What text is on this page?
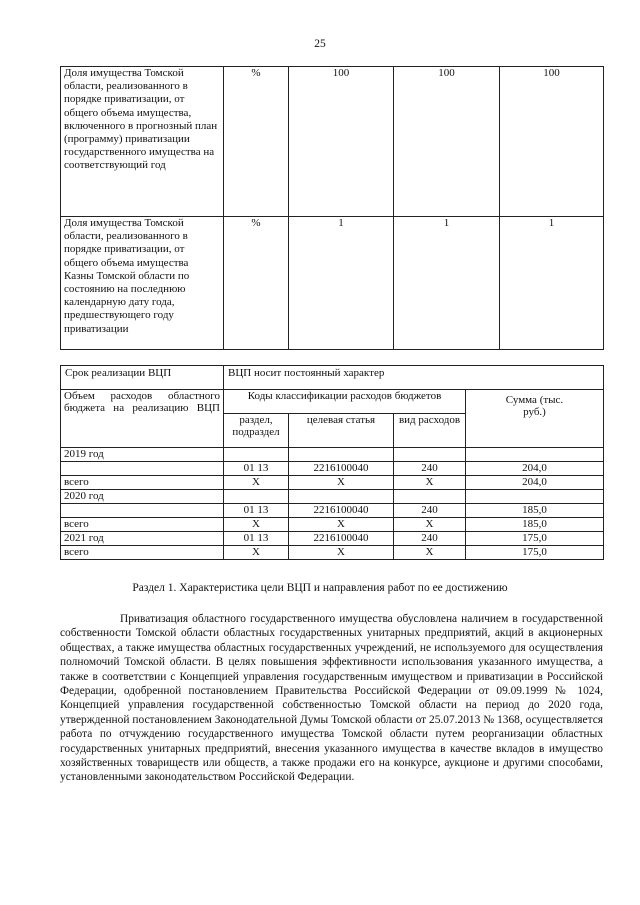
25
Доля имущества Томской области, реализованного в порядке приватизации, от общего объема имущества, включенного в прогнозный план (программу) приватизации государственного имущества на соответствующий год	%	100	100	100
Доля имущества Томской области, реализованного в порядке приватизации, от общего объема имущества Казны Томской области по состоянию на последнюю календарную дату года, предшествующего году приватизации	%	1	1	1
Срок реализации ВЦП	ВЦП носит постоянный характер
Объем расходов областного бюджета на реализацию ВЦП	Коды классификации расходов бюджетов			Сумма (тыс. руб.)
	раздел, подраздел	целевая статья	вид расходов	
2019 год				
	01 13	2216100040	240	204,0
всего	Х	Х	Х	204,0
2020 год				
	01 13	2216100040	240	185,0
всего	Х	Х	Х	185,0
2021 год	01 13	2216100040	240	175,0
всего	Х	Х	Х	175,0
Раздел 1. Характеристика цели ВЦП и направления работ по ее достижению

Приватизация областного государственного имущества обусловлена наличием в государственной собственности Томской области областных государственных унитарных предприятий, акций в акционерных обществах, а также имущества областных государственных учреждений, не используемого для осуществления полномочий Томской области. В целях повышения эффективности использования указанного имущества, а также в соответствии с Концепцией управления государственным имуществом и приватизации в Российской Федерации, одобренной постановлением Правительства Российской Федерации от 09.09.1999 № 1024, Концепцией управления государственной собственностью Томской области на период до 2020 года, утвержденной постановлением Законодательной Думы Томской области от 25.07.2013 № 1368, осуществляется работа по отчуждению государственного имущества Томской области путем реорганизации областных государственных унитарных предприятий, внесения указанного имущества в качестве вкладов в имущество хозяйственных товариществ или обществ, а также продажи его на конкурсе, аукционе и другими способами, установленными законодательством Российской Федерации.
